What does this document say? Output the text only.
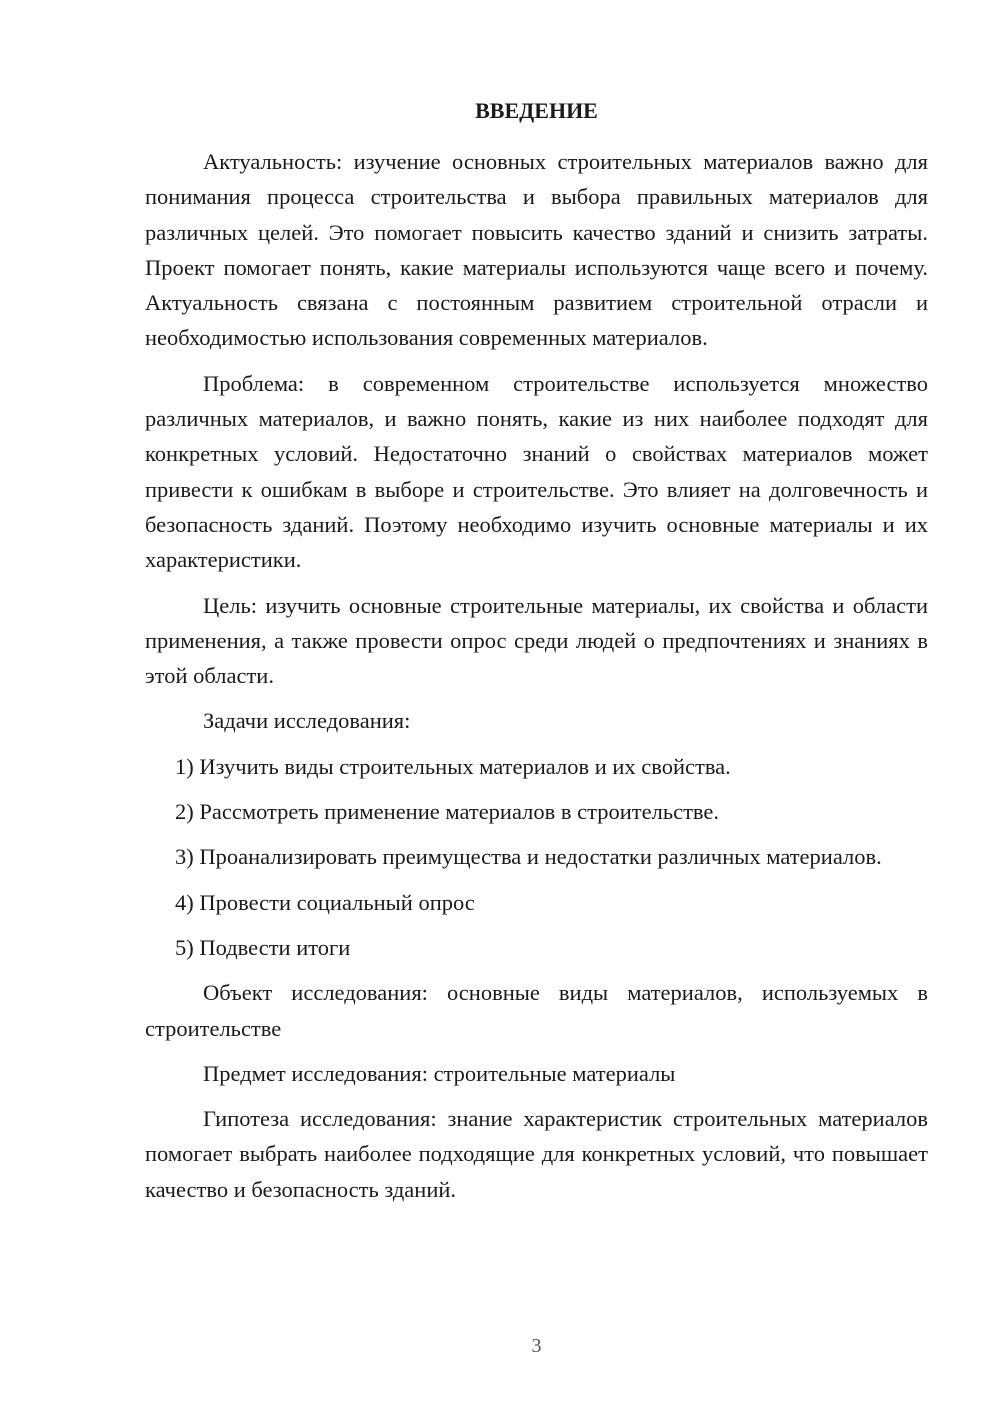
ВВЕДЕНИЕ

Актуальность: изучение основных строительных материалов важно для понимания процесса строительства и выбора правильных материалов для различных целей. Это помогает повысить качество зданий и снизить затраты. Проект помогает понять, какие материалы используются чаще всего и почему. Актуальность связана с постоянным развитием строительной отрасли и необходимостью использования современных материалов.

Проблема: в современном строительстве используется множество различных материалов, и важно понять, какие из них наиболее подходят для конкретных условий. Недостаточно знаний о свойствах материалов может привести к ошибкам в выборе и строительстве. Это влияет на долговечность и безопасность зданий. Поэтому необходимо изучить основные материалы и их характеристики.

Цель: изучить основные строительные материалы, их свойства и области применения, а также провести опрос среди людей о предпочтениях и знаниях в этой области.

Задачи исследования:

1) Изучить виды строительных материалов и их свойства.

2) Рассмотреть применение материалов в строительстве.

3) Проанализировать преимущества и недостатки различных материалов.

4) Провести социальный опрос

5) Подвести итоги

Объект исследования: основные виды материалов, используемых в строительстве

Предмет исследования: строительные материалы

Гипотеза исследования: знание характеристик строительных материалов помогает выбрать наиболее подходящие для конкретных условий, что повышает качество и безопасность зданий.

3
